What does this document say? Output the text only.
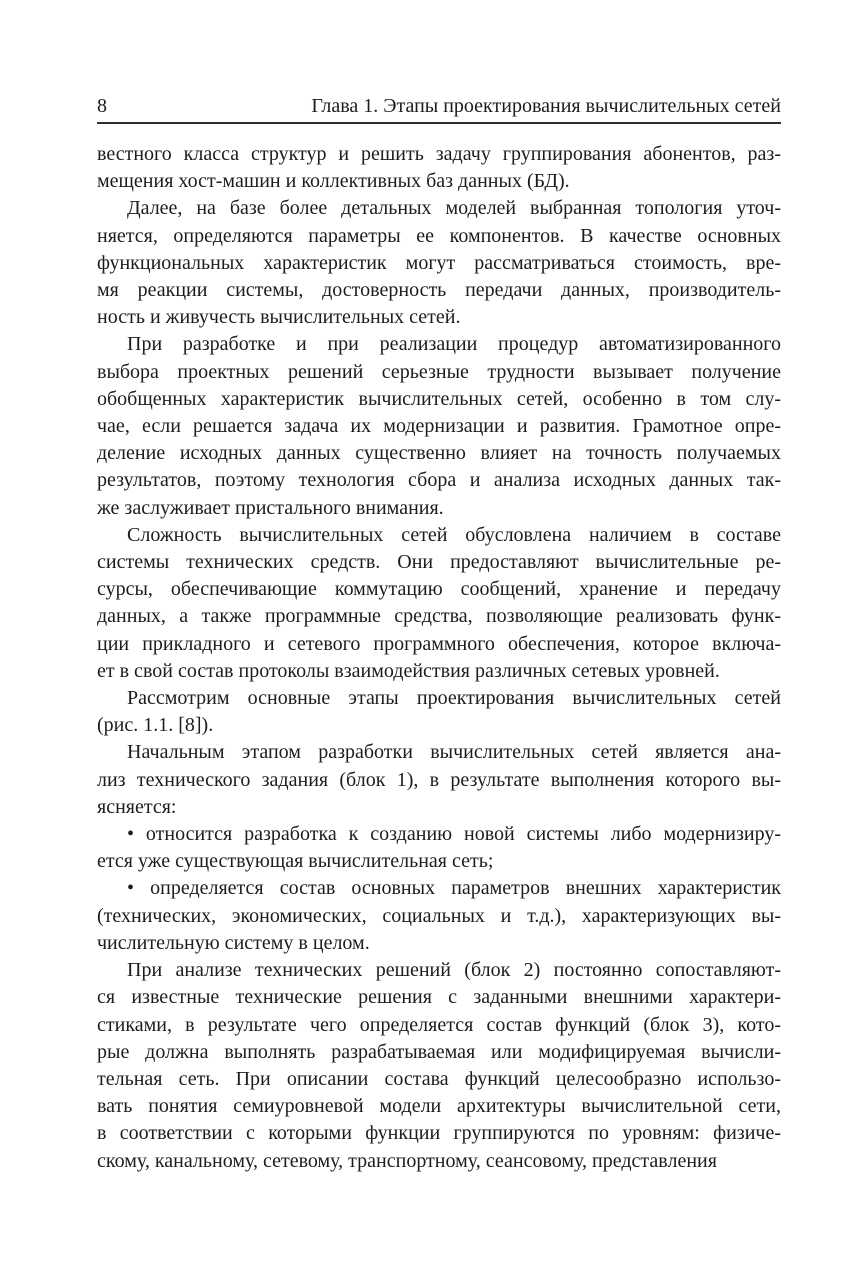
8	Глава 1. Этапы проектирования вычислительных сетей
вестного класса структур и решить задачу группирования абонентов, раз-
мещения хост-машин и коллективных баз данных (БД).
Далее, на базе более детальных моделей выбранная топология уточ-
няется, определяются параметры ее компонентов. В качестве основных
функциональных характеристик могут рассматриваться стоимость, вре-
мя реакции системы, достоверность передачи данных, производитель-
ность и живучесть вычислительных сетей.
При разработке и при реализации процедур автоматизированного
выбора проектных решений серьезные трудности вызывает получение
обобщенных характеристик вычислительных сетей, особенно в том слу-
чае, если решается задача их модернизации и развития. Грамотное опре-
деление исходных данных существенно влияет на точность получаемых
результатов, поэтому технология сбора и анализа исходных данных так-
же заслуживает пристального внимания.
Сложность вычислительных сетей обусловлена наличием в составе
системы технических средств. Они предоставляют вычислительные ре-
сурсы, обеспечивающие коммутацию сообщений, хранение и передачу
данных, а также программные средства, позволяющие реализовать функ-
ции прикладного и сетевого программного обеспечения, которое включа-
ет в свой состав протоколы взаимодействия различных сетевых уровней.
Рассмотрим основные этапы проектирования вычислительных сетей
(рис. 1.1. [8]).
Начальным этапом разработки вычислительных сетей является ана-
лиз технического задания (блок 1), в результате выполнения которого вы-
ясняется:
• относится разработка к созданию новой системы либо модернизиру-
ется уже существующая вычислительная сеть;
• определяется состав основных параметров внешних характеристик
(технических, экономических, социальных и т.д.), характеризующих вы-
числительную систему в целом.
При анализе технических решений (блок 2) постоянно сопоставляют-
ся известные технические решения с заданными внешними характери-
стиками, в результате чего определяется состав функций (блок 3), кото-
рые должна выполнять разрабатываемая или модифицируемая вычисли-
тельная сеть. При описании состава функций целесообразно использо-
вать понятия семиуровневой модели архитектуры вычислительной сети,
в соответствии с которыми функции группируются по уровням: физиче-
скому, канальному, сетевому, транспортному, сеансовому, представления
